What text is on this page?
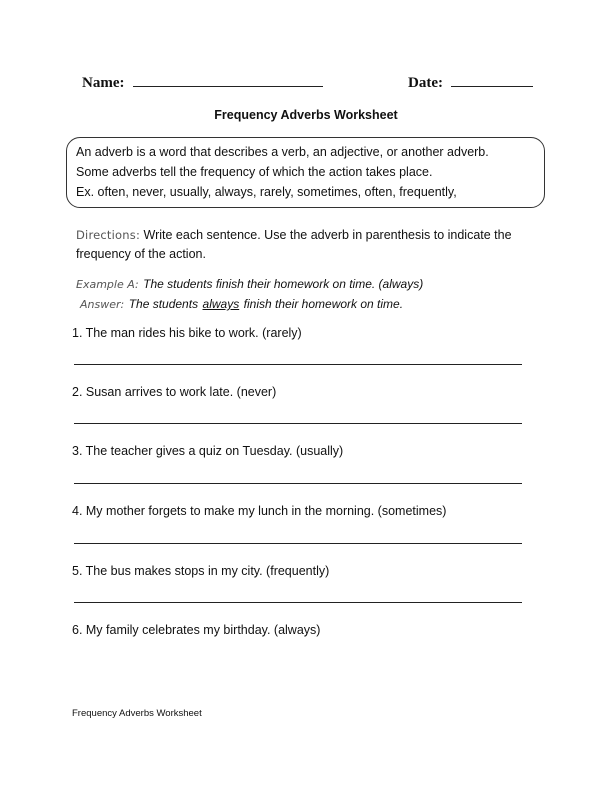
Name:	Date:
Frequency Adverbs Worksheet
An adverb is a word that describes a verb, an adjective, or another adverb.
Some adverbs tell the frequency of which the action takes place.
Ex. often, never, usually, always, rarely, sometimes, often, frequently,
Directions: Write each sentence. Use the adverb in parenthesis to indicate the
frequency of the action.
Example A: The students finish their homework on time. (always)
Answer: The students always finish their homework on time.
1. The man rides his bike to work. (rarely)
2. Susan arrives to work late. (never)
3. The teacher gives a quiz on Tuesday. (usually)
4. My mother forgets to make my lunch in the morning. (sometimes)
5. The bus makes stops in my city. (frequently)
6. My family celebrates my birthday. (always)
Frequency Adverbs Worksheet
